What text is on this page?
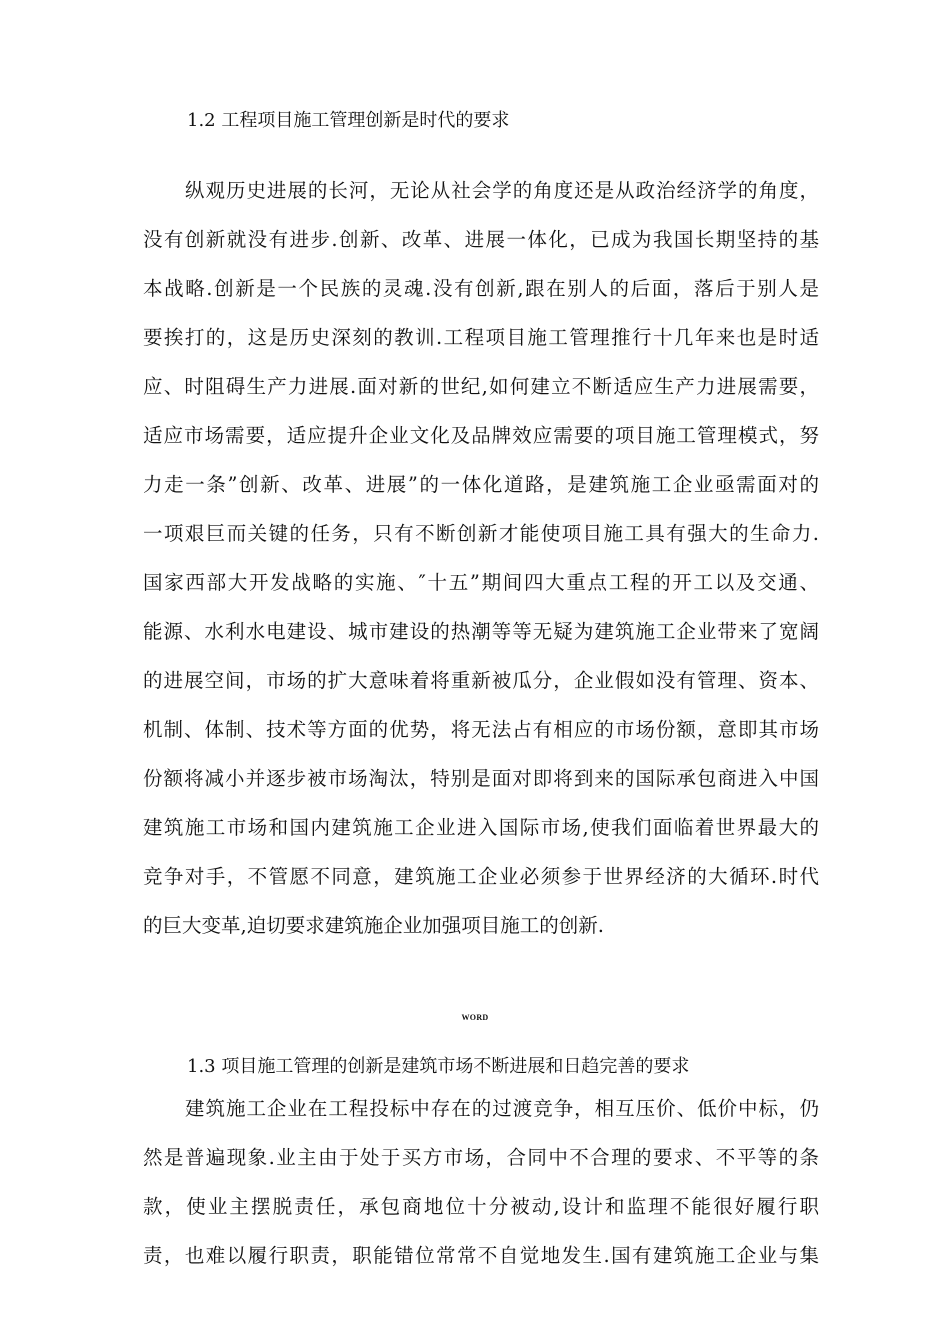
1.2 工程项目施工管理创新是时代的要求
纵观历史进展的长河，无论从社会学的角度还是从政治经济学的角度，
没有创新就没有进步.创新、改革、进展一体化，已成为我国长期坚持的基
本战略.创新是一个民族的灵魂.没有创新,跟在别人的后面，落后于别人是
要挨打的，这是历史深刻的教训.工程项目施工管理推行十几年来也是时适
应、时阻碍生产力进展.面对新的世纪,如何建立不断适应生产力进展需要，
适应市场需要，适应提升企业文化及品牌效应需要的项目施工管理模式，努
力走一条”创新、改革、进展”的一体化道路，是建筑施工企业亟需面对的
一项艰巨而关键的任务，只有不断创新才能使项目施工具有强大的生命力.
国家西部大开发战略的实施、″十五”期间四大重点工程的开工以及交通、
能源、水利水电建设、城市建设的热潮等等无疑为建筑施工企业带来了宽阔
的进展空间，市场的扩大意味着将重新被瓜分，企业假如没有管理、资本、
机制、体制、技术等方面的优势，将无法占有相应的市场份额，意即其市场
份额将减小并逐步被市场淘汰，特别是面对即将到来的国际承包商进入中国
建筑施工市场和国内建筑施工企业进入国际市场,使我们面临着世界最大的
竞争对手，不管愿不同意，建筑施工企业必须参于世界经济的大循环.时代
的巨大变革,迫切要求建筑施企业加强项目施工的创新.
WORD
1.3 项目施工管理的创新是建筑市场不断进展和日趋完善的要求
建筑施工企业在工程投标中存在的过渡竞争，相互压价、低价中标，仍
然是普遍现象.业主由于处于买方市场，合同中不合理的要求、不平等的条
款，使业主摆脱责任，承包商地位十分被动,设计和监理不能很好履行职
责，也难以履行职责，职能错位常常不自觉地发生.国有建筑施工企业与集
